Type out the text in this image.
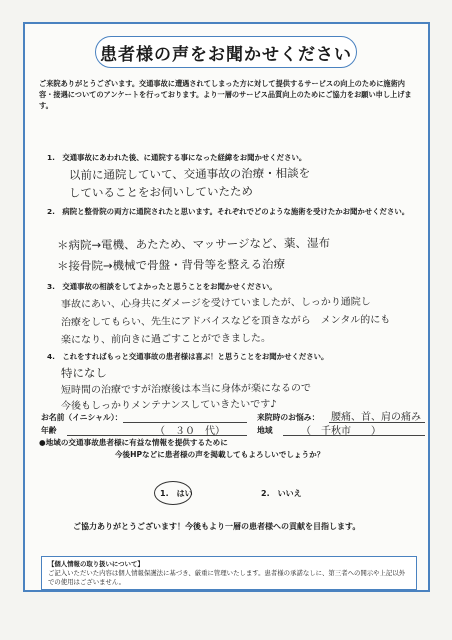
患者様の声をお聞かせください
ご来院ありがとうございます。交通事故に遭遇されてしまった方に対して提供するサービスの向上のために施術内容・接遇についてのアンケートを行っております。より一層のサービス品質向上のためにご協力をお願い申し上げます。
1.　交通事故にあわれた後、に通院する事になった経緯をお聞かせください。
以前に通院していて、交通事故の治療・相談を
していることをお伺いしていたため
2.　病院と整骨院の両方に通院されたと思います。それぞれでどのような施術を受けたかお聞かせください。
＊病院→電機、あたため、マッサージなど、薬、湿布
＊接骨院→機械で骨盤・背骨等を整える治療
3.　交通事故の相談をしてよかったと思うことをお聞かせください。
事故にあい、心身共にダメージを受けていましたが、しっかり通院し
治療をしてもらい、先生にアドバイスなどを頂きながら　メンタル的にも
楽になり、前向きに過ごすことができました。
4.　これをすればもっと交通事故の患者様は喜ぶ！と思うことをお聞かせください。
特になし
短時間の治療ですが治療後は本当に身体が楽になるので
今後もしっかりメンテナンスしていきたいです♪
お名前（イニシャル）：
年齢	（　３０　代）
来院時のお悩み： 腰痛、首、肩の痛み
地域	（　千秋市　　）
●地域の交通事故患者様に有益な情報を提供するために
　　　　　　　　　　今後HPなどに患者様の声を掲載してもよろしいでしょうか？
1.　はい	2.　いいえ
ご協力ありがとうございます！今後もより一層の患者様への貢献を目指します。
【個人情報の取り扱いについて】
ご記入いただいた内容は個人情報保護法に基づき、厳重に管理いたします。患者様の承諾なしに、第三者への開示や上記以外での使用はございません。
